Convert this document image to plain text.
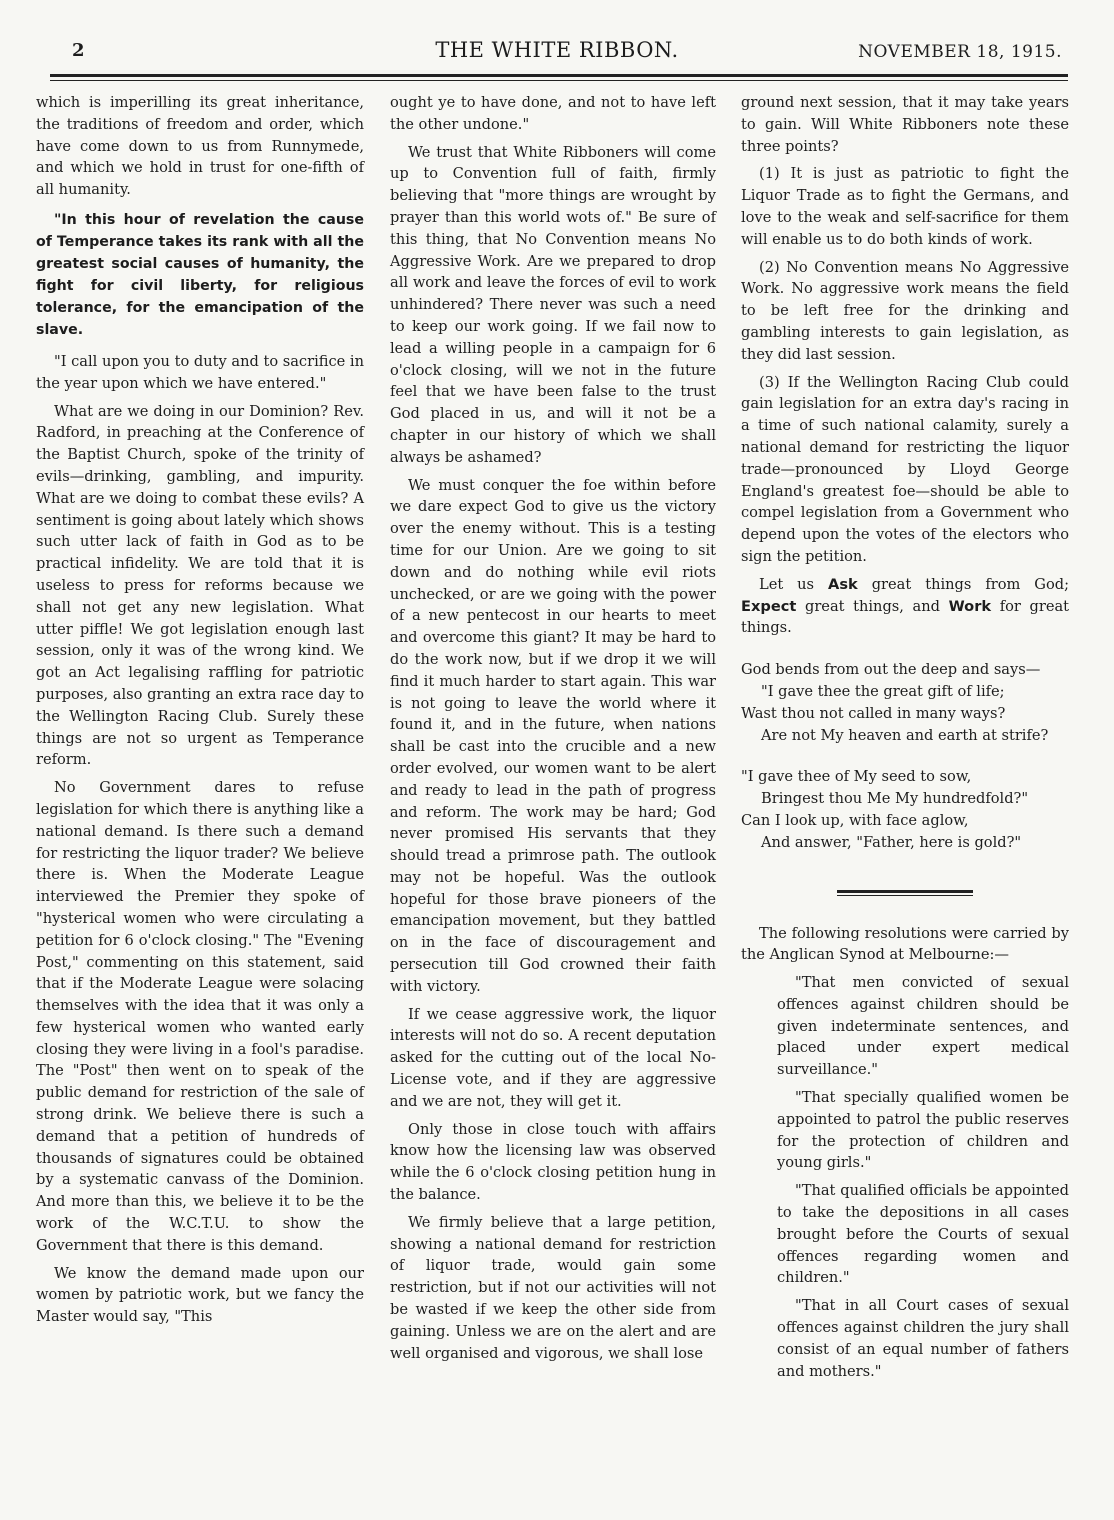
2	THE WHITE RIBBON.	NOVEMBER 18, 1915.

which is imperilling its great inheritance, the traditions of freedom and order, which have come down to us from Runnymede, and which we hold in trust for one-fifth of all humanity.

"In this hour of revelation the cause of Temperance takes its rank with all the greatest social causes of humanity, the fight for civil liberty, for religious tolerance, for the emancipation of the slave.

"I call upon you to duty and to sacrifice in the year upon which we have entered."

What are we doing in our Dominion? Rev. Radford, in preaching at the Conference of the Baptist Church, spoke of the trinity of evils—drinking, gambling, and impurity. What are we doing to combat these evils? A sentiment is going about lately which shows such utter lack of faith in God as to be practical infidelity. We are told that it is useless to press for reforms because we shall not get any new legislation. What utter piffle! We got legislation enough last session, only it was of the wrong kind. We got an Act legalising raffling for patriotic purposes, also granting an extra race day to the Wellington Racing Club. Surely these things are not so urgent as Temperance reform.

No Government dares to refuse legislation for which there is anything like a national demand. Is there such a demand for restricting the liquor trader? We believe there is. When the Moderate League interviewed the Premier they spoke of "hysterical women who were circulating a petition for 6 o'clock closing." The "Evening Post," commenting on this statement, said that if the Moderate League were solacing themselves with the idea that it was only a few hysterical women who wanted early closing they were living in a fool's paradise. The "Post" then went on to speak of the public demand for restriction of the sale of strong drink. We believe there is such a demand that a petition of hundreds of thousands of signatures could be obtained by a systematic canvass of the Dominion. And more than this, we believe it to be the work of the W.C.T.U. to show the Government that there is this demand.

We know the demand made upon our women by patriotic work, but we fancy the Master would say, "This

ought ye to have done, and not to have left the other undone."

We trust that White Ribboners will come up to Convention full of faith, firmly believing that "more things are wrought by prayer than this world wots of." Be sure of this thing, that No Convention means No Aggressive Work. Are we prepared to drop all work and leave the forces of evil to work unhindered? There never was such a need to keep our work going. If we fail now to lead a willing people in a campaign for 6 o'clock closing, will we not in the future feel that we have been false to the trust God placed in us, and will it not be a chapter in our history of which we shall always be ashamed?

We must conquer the foe within before we dare expect God to give us the victory over the enemy without. This is a testing time for our Union. Are we going to sit down and do nothing while evil riots unchecked, or are we going with the power of a new pentecost in our hearts to meet and overcome this giant? It may be hard to do the work now, but if we drop it we will find it much harder to start again. This war is not going to leave the world where it found it, and in the future, when nations shall be cast into the crucible and a new order evolved, our women want to be alert and ready to lead in the path of progress and reform. The work may be hard; God never promised His servants that they should tread a primrose path. The outlook may not be hopeful. Was the outlook hopeful for those brave pioneers of the emancipation movement, but they battled on in the face of discouragement and persecution till God crowned their faith with victory.

If we cease aggressive work, the liquor interests will not do so. A recent deputation asked for the cutting out of the local No-License vote, and if they are aggressive and we are not, they will get it.

Only those in close touch with affairs know how the licensing law was observed while the 6 o'clock closing petition hung in the balance.

We firmly believe that a large petition, showing a national demand for restriction of liquor trade, would gain some restriction, but if not our activities will not be wasted if we keep the other side from gaining. Unless we are on the alert and are well organised and vigorous, we shall lose

ground next session, that it may take years to gain. Will White Ribboners note these three points?

(1) It is just as patriotic to fight the Liquor Trade as to fight the Germans, and love to the weak and self-sacrifice for them will enable us to do both kinds of work.

(2) No Convention means No Aggressive Work. No aggressive work means the field to be left free for the drinking and gambling interests to gain legislation, as they did last session.

(3) If the Wellington Racing Club could gain legislation for an extra day's racing in a time of such national calamity, surely a national demand for restricting the liquor trade—pronounced by Lloyd George England's greatest foe—should be able to compel legislation from a Government who depend upon the votes of the electors who sign the petition.

Let us Ask great things from God; Expect great things, and Work for great things.

God bends from out the deep and says—

"I gave thee the great gift of life;

Wast thou not called in many ways?

Are not My heaven and earth at strife?

"I gave thee of My seed to sow,

Bringest thou Me My hundredfold?"

Can I look up, with face aglow,

And answer, "Father, here is gold?"

The following resolutions were carried by the Anglican Synod at Melbourne:—

"That men convicted of sexual offences against children should be given indeterminate sentences, and placed under expert medical surveillance."

"That specially qualified women be appointed to patrol the public reserves for the protection of children and young girls."

"That qualified officials be appointed to take the depositions in all cases brought before the Courts of sexual offences regarding women and children."

"That in all Court cases of sexual offences against children the jury shall consist of an equal number of fathers and mothers."
